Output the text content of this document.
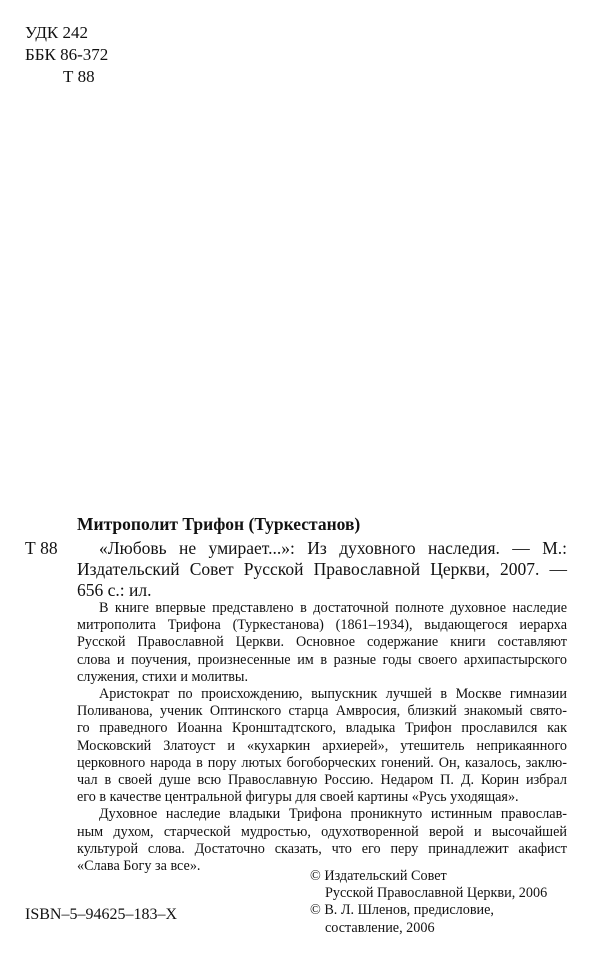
УДК 242
ББК 86-372
Т 88
Митрополит Трифон (Туркестанов)
Т 88	«Любовь не умирает...»: Из духовного наследия. — М.:
Издательский Совет Русской Православной Церкви, 2007. —
656 с.: ил.

В книге впервые представлено в достаточной полноте духовное наследие
митрополита Трифона (Туркестанова) (1861–1934), выдающегося иерарха
Русской Православной Церкви. Основное содержание книги составляют
слова и поучения, произнесенные им в разные годы своего архипастырского
служения, стихи и молитвы.

Аристократ по происхождению, выпускник лучшей в Москве гимназии
Поливанова, ученик Оптинского старца Амвросия, близкий знакомый свято-
го праведного Иоанна Кронштадтского, владыка Трифон прославился как
Московский Златоуст и «кухаркин архиерей», утешитель неприкаянного
церковного народа в пору лютых богоборческих гонений. Он, казалось, заклю-
чал в своей душе всю Православную Россию. Недаром П. Д. Корин избрал
его в качестве центральной фигуры для своей картины «Русь уходящая».

Духовное наследие владыки Трифона проникнуто истинным православ-
ным духом, старческой мудростью, одухотворенной верой и высочайшей
культурой слова. Достаточно сказать, что его перу принадлежит акафист
«Слава Богу за все».

© Издательский Совет
Русской Православной Церкви, 2006
© В. Л. Шленов, предисловие,
составление, 2006
ISBN–5–94625–183–X
